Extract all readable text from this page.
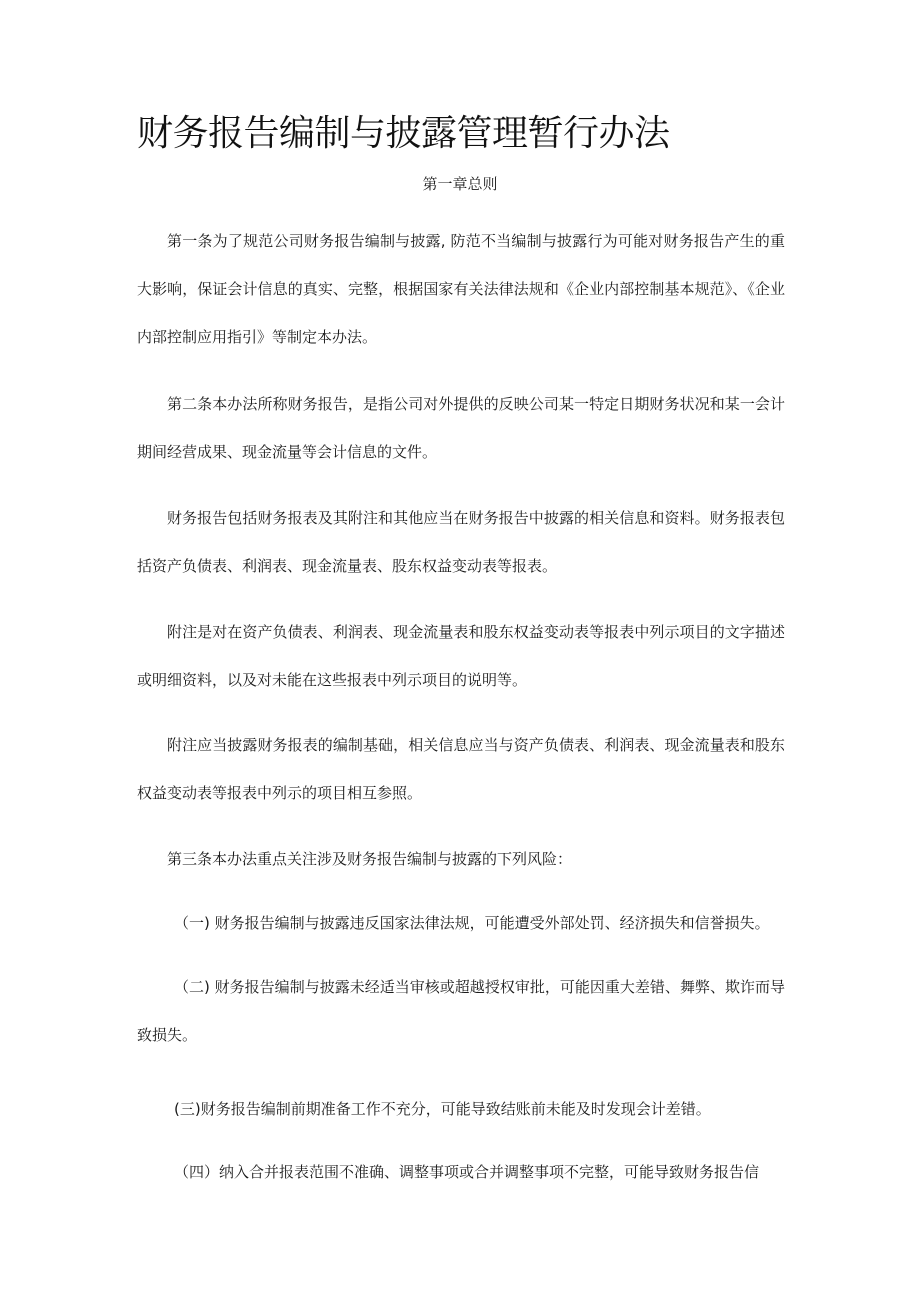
财务报告编制与披露管理暂行办法

第一章总则

第一条为了规范公司财务报告编制与披露, 防范不当编制与披露行为可能对财务报告产生的重大影响，保证会计信息的真实、完整，根据国家有关法律法规和《企业内部控制基本规范》、《企业内部控制应用指引》等制定本办法。

第二条本办法所称财务报告，是指公司对外提供的反映公司某一特定日期财务状况和某一会计期间经营成果、现金流量等会计信息的文件。

财务报告包括财务报表及其附注和其他应当在财务报告中披露的相关信息和资料。财务报表包括资产负债表、利润表、现金流量表、股东权益变动表等报表。

附注是对在资产负债表、利润表、现金流量表和股东权益变动表等报表中列示项目的文字描述或明细资料，以及对未能在这些报表中列示项目的说明等。

附注应当披露财务报表的编制基础，相关信息应当与资产负债表、利润表、现金流量表和股东权益变动表等报表中列示的项目相互参照。

第三条本办法重点关注涉及财务报告编制与披露的下列风险：

（一) 财务报告编制与披露违反国家法律法规，可能遭受外部处罚、经济损失和信誉损失。

（二) 财务报告编制与披露未经适当审核或超越授权审批，可能因重大差错、舞弊、欺诈而导致损失。

(三)财务报告编制前期准备工作不充分，可能导致结账前未能及时发现会计差错。

（四）纳入合并报表范围不准确、调整事项或合并调整事项不完整，可能导致财务报告信
